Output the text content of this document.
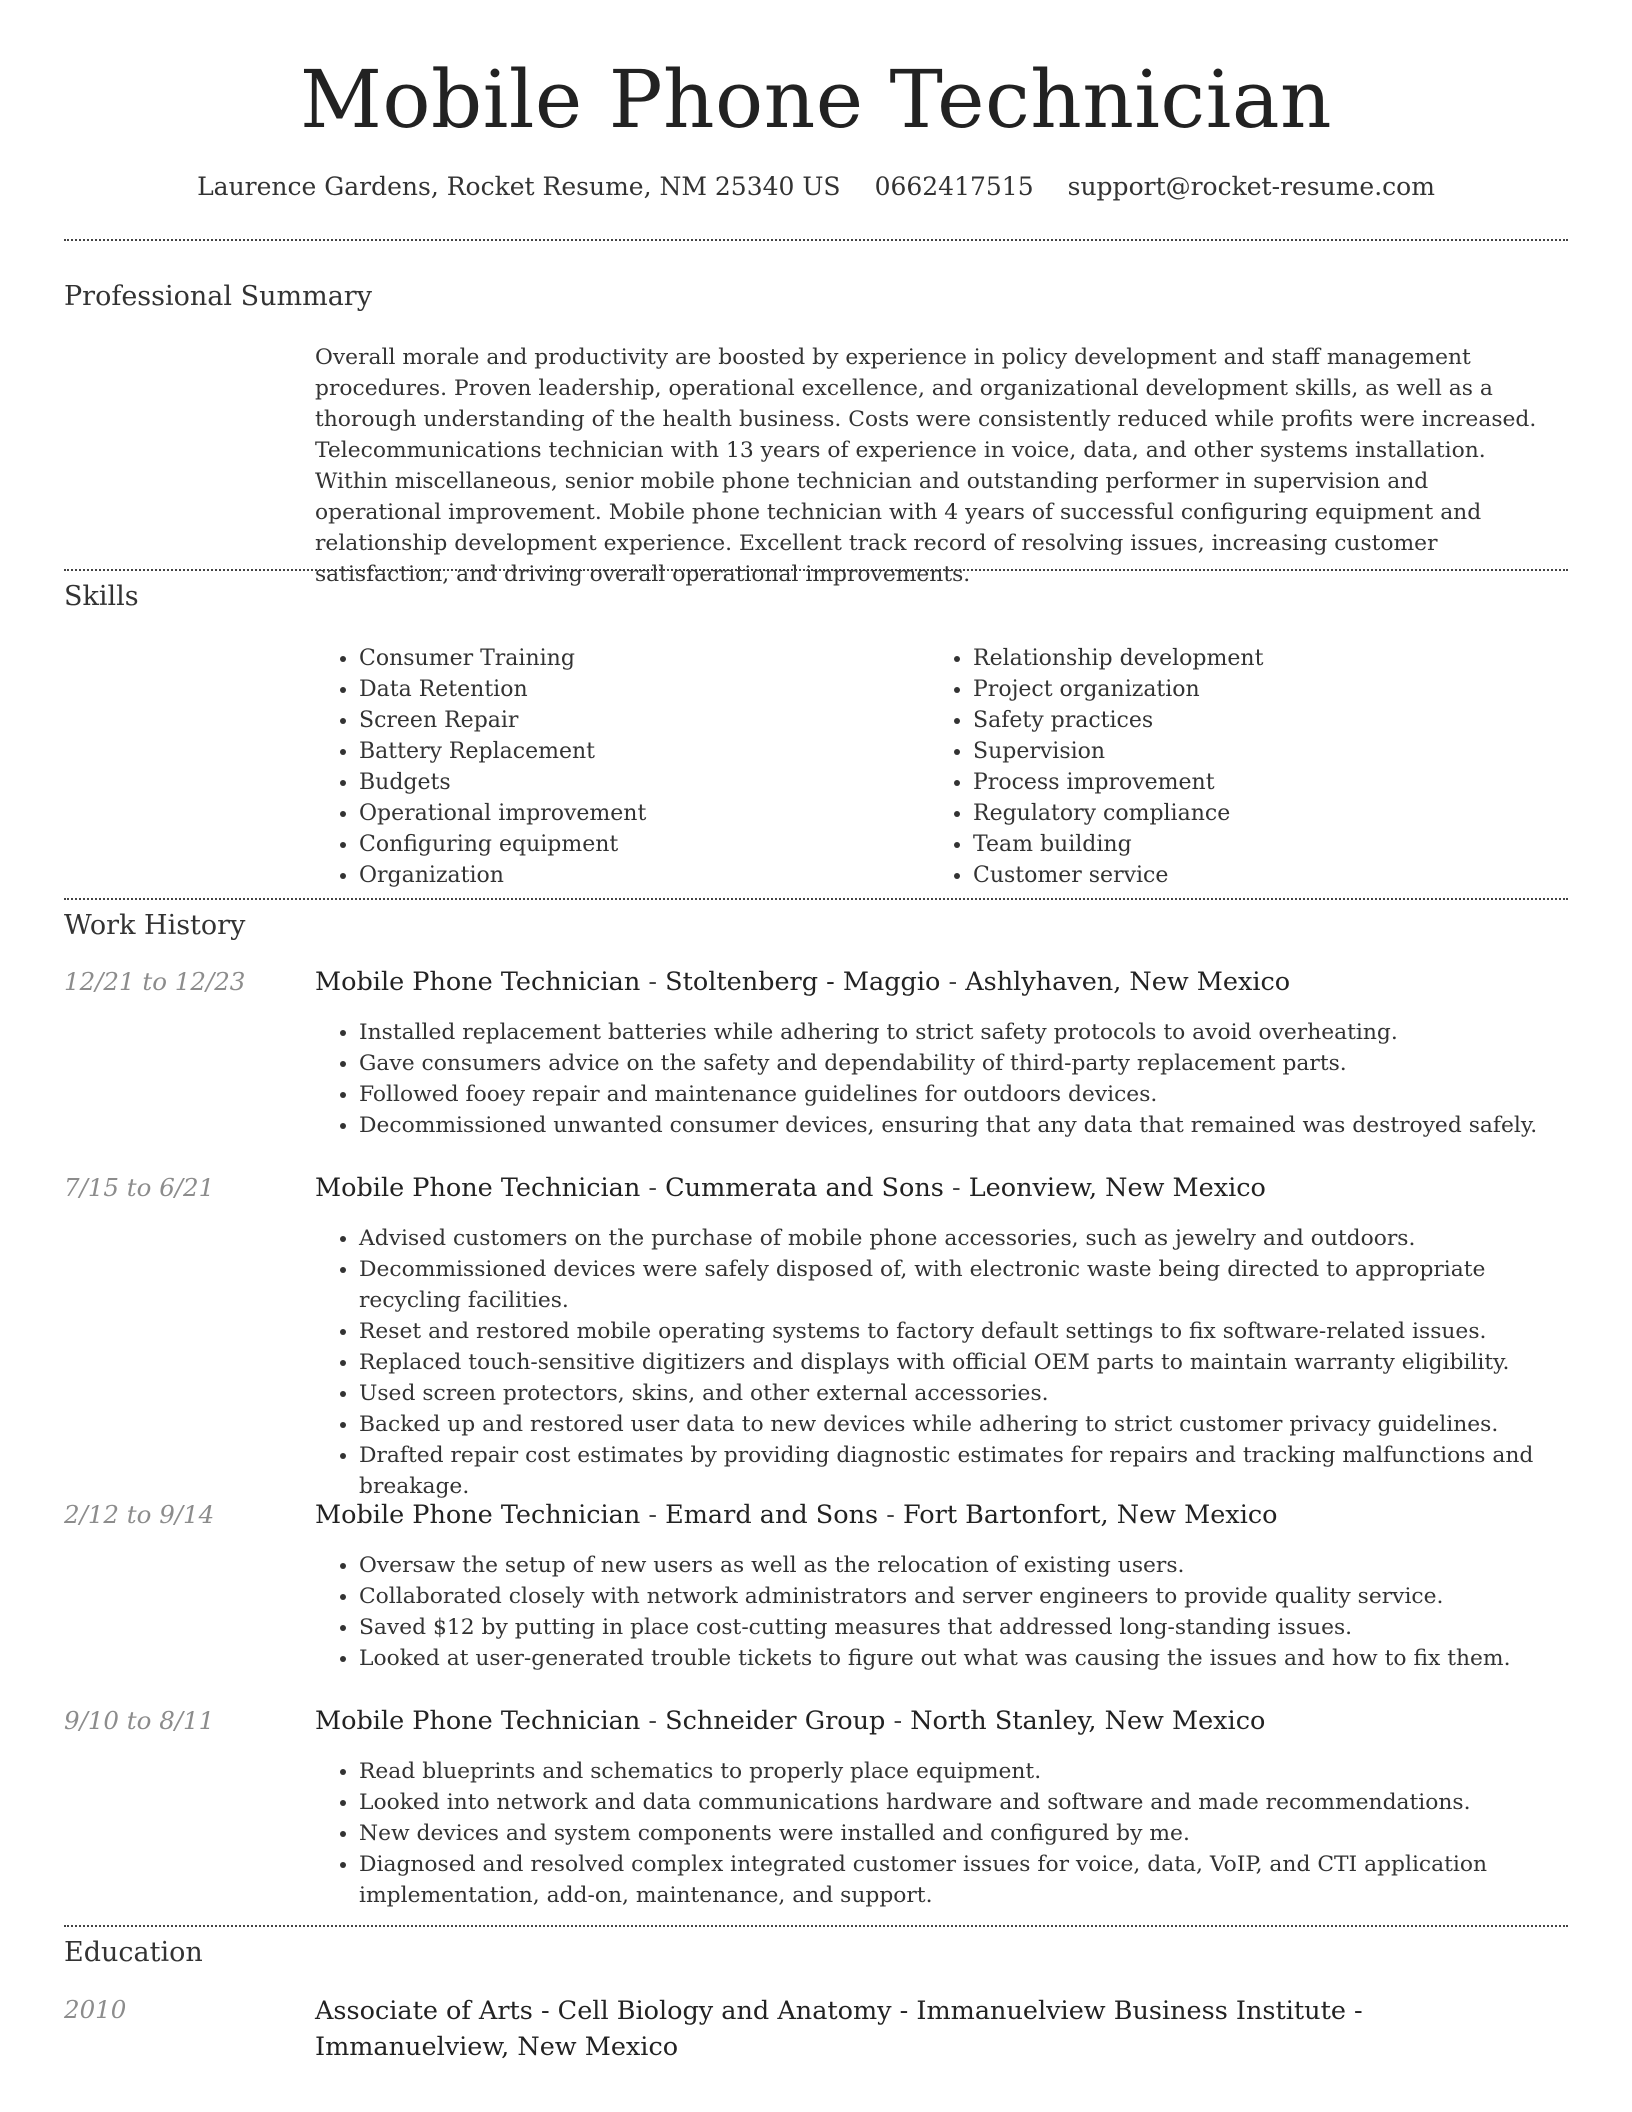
Mobile Phone Technician
Laurence Gardens, Rocket Resume, NM 25340 US 0662417515 support@rocket-resume.com
Professional Summary
Overall morale and productivity are boosted by experience in policy development and staff management procedures. Proven leadership, operational excellence, and organizational development skills, as well as a thorough understanding of the health business. Costs were consistently reduced while profits were increased. Telecommunications technician with 13 years of experience in voice, data, and other systems installation. Within miscellaneous, senior mobile phone technician and outstanding performer in supervision and operational improvement. Mobile phone technician with 4 years of successful configuring equipment and relationship development experience. Excellent track record of resolving issues, increasing customer satisfaction, and driving overall operational improvements.
Skills
• Consumer Training
• Data Retention
• Screen Repair
• Battery Replacement
• Budgets
• Operational improvement
• Configuring equipment
• Organization
• Relationship development
• Project organization
• Safety practices
• Supervision
• Process improvement
• Regulatory compliance
• Team building
• Customer service
Work History
12/21 to 12/23	Mobile Phone Technician - Stoltenberg - Maggio - Ashlyhaven, New Mexico
• Installed replacement batteries while adhering to strict safety protocols to avoid overheating.
• Gave consumers advice on the safety and dependability of third-party replacement parts.
• Followed fooey repair and maintenance guidelines for outdoors devices.
• Decommissioned unwanted consumer devices, ensuring that any data that remained was destroyed safely.
7/15 to 6/21	Mobile Phone Technician - Cummerata and Sons - Leonview, New Mexico
• Advised customers on the purchase of mobile phone accessories, such as jewelry and outdoors.
• Decommissioned devices were safely disposed of, with electronic waste being directed to appropriate recycling facilities.
• Reset and restored mobile operating systems to factory default settings to fix software-related issues.
• Replaced touch-sensitive digitizers and displays with official OEM parts to maintain warranty eligibility.
• Used screen protectors, skins, and other external accessories.
• Backed up and restored user data to new devices while adhering to strict customer privacy guidelines.
• Drafted repair cost estimates by providing diagnostic estimates for repairs and tracking malfunctions and breakage.
2/12 to 9/14	Mobile Phone Technician - Emard and Sons - Fort Bartonfort, New Mexico
• Oversaw the setup of new users as well as the relocation of existing users.
• Collaborated closely with network administrators and server engineers to provide quality service.
• Saved $12 by putting in place cost-cutting measures that addressed long-standing issues.
• Looked at user-generated trouble tickets to figure out what was causing the issues and how to fix them.
9/10 to 8/11	Mobile Phone Technician - Schneider Group - North Stanley, New Mexico
• Read blueprints and schematics to properly place equipment.
• Looked into network and data communications hardware and software and made recommendations.
• New devices and system components were installed and configured by me.
• Diagnosed and resolved complex integrated customer issues for voice, data, VoIP, and CTI application implementation, add-on, maintenance, and support.
Education
2010	Associate of Arts - Cell Biology and Anatomy - Immanuelview Business Institute - Immanuelview, New Mexico
